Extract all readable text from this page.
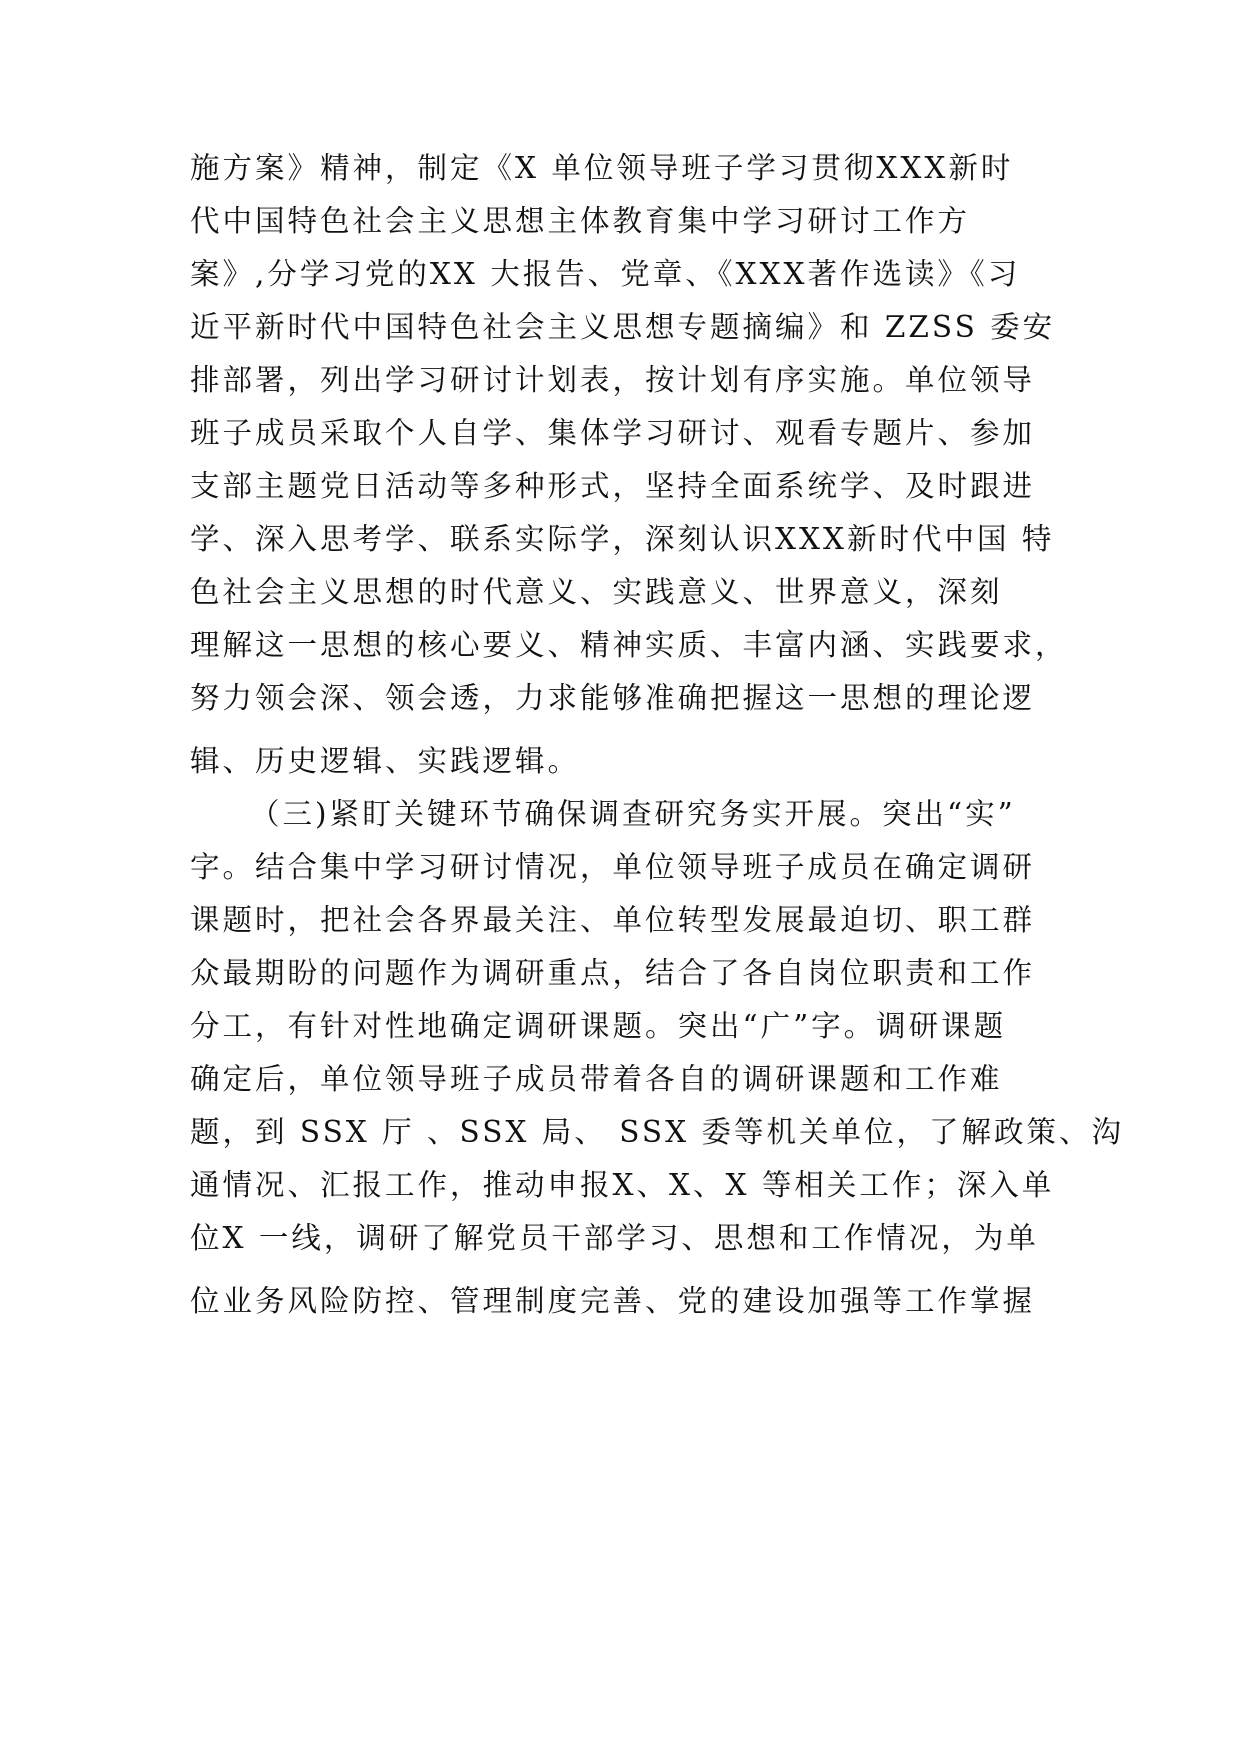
施方案》精神，制定《X 单位领导班子学习贯彻XXX新时
代中国特色社会主义思想主体教育集中学习研讨工作方
案》,分学习党的XX 大报告、党章、《XXX著作选读》《习
近平新时代中国特色社会主义思想专题摘编》和 ZZSS 委安
排部署，列出学习研讨计划表，按计划有序实施。单位领导
班子成员采取个人自学、集体学习研讨、观看专题片、参加
支部主题党日活动等多种形式，坚持全面系统学、及时跟进
学、深入思考学、联系实际学，深刻认识XXX新时代中国 特
色社会主义思想的时代意义、实践意义、世界意义，深刻
理解这一思想的核心要义、精神实质、丰富内涵、实践要求，
努力领会深、领会透，力求能够准确把握这一思想的理论逻
辑、历史逻辑、实践逻辑。
（三)紧盯关键环节确保调查研究务实开展。突出“实”
字。结合集中学习研讨情况，单位领导班子成员在确定调研
课题时，把社会各界最关注、单位转型发展最迫切、职工群
众最期盼的问题作为调研重点，结合了各自岗位职责和工作
分工，有针对性地确定调研课题。突出“广”字。调研课题
确定后，单位领导班子成员带着各自的调研课题和工作难
题，到 SSX 厅 、SSX 局、 SSX 委等机关单位，了解政策、沟
通情况、汇报工作，推动申报X、X、X 等相关工作；深入单
位X 一线，调研了解党员干部学习、思想和工作情况，为单
位业务风险防控、管理制度完善、党的建设加强等工作掌握
